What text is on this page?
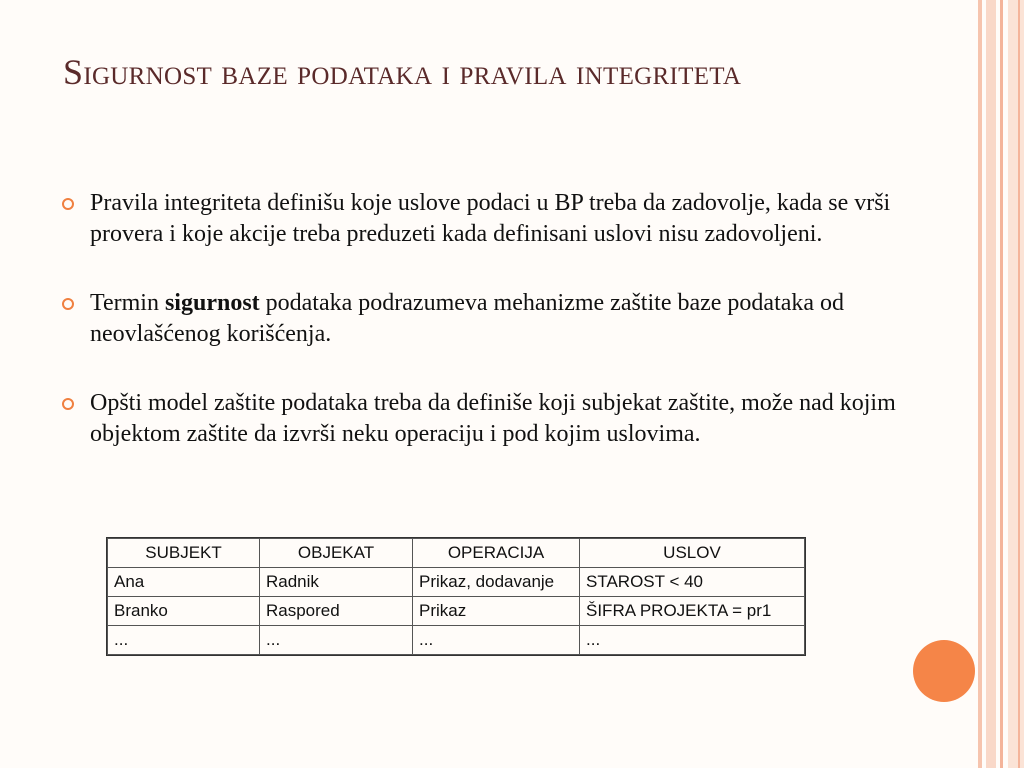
Sigurnost baze podataka i pravila integriteta
Pravila integriteta definišu koje uslove podaci u BP treba da zadovolje, kada se vrši provera i koje akcije treba preduzeti kada definisani uslovi nisu zadovoljeni.
Termin sigurnost podataka podrazumeva mehanizme zaštite baze podataka od neovlašćenog korišćenja.
Opšti model zaštite podataka treba da definiše koji subjekat zaštite, može nad kojim objektom zaštite da izvrši neku operaciju i pod kojim uslovima.
SUBJEKT	OBJEKAT	OPERACIJA	USLOV
Ana	Radnik	Prikaz, dodavanje	STAROST < 40
Branko	Raspored	Prikaz	ŠIFRA PROJEKTA = pr1
...	...	...	...
